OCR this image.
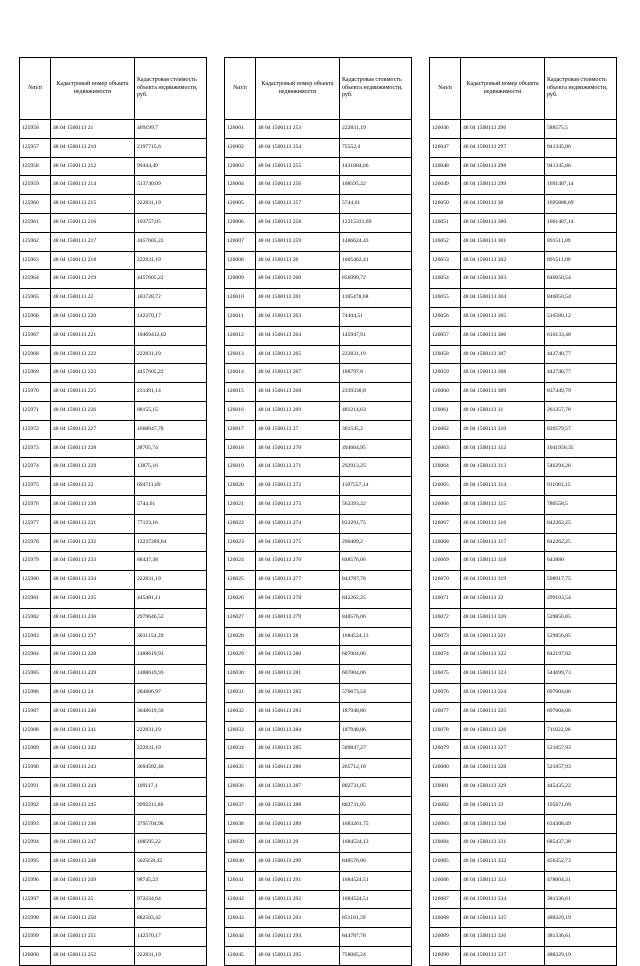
№п/п	Кадастровый номер объекта недвижимости	Кадастровая стоимость объекта недвижимости, руб.
125956	48 04 1500113 21	469199,7
125957	48 04 1500113 210	2197715,6
125958	48 04 1500113 212	99444,49
125959	48 04 1500113 214	513740,09
125960	48 04 1500113 215	222831,19
125961	48 04 1500113 216	103757,05
125962	48 04 1500113 217	4457605,22
125963	48 04 1500113 218	222831,19
125964	48 04 1500113 219	4457605,22
125965	48 04 1500113 22	183728,72
125966	48 04 1500113 220	142370,17
125967	48 04 1500113 221	10469412,02
125968	48 04 1500113 222	222831,19
125969	48 04 1500113 223	4457605,22
125970	48 04 1500113 225	231491,14
125971	48 04 1500113 226	88155,15
125972	48 04 1500113 227	1668647,78
125973	48 04 1500113 228	28705,74
125974	48 04 1500113 229	13875,16
125975	48 04 1500113 23	694711,89
125976	48 04 1500113 230	5744,61
125977	48 04 1500113 231	77123,16
125978	48 04 1500113 232	12237289,64
125979	48 04 1500113 233	88447,38
125980	48 04 1500113 234	222831,19
125981	48 04 1500113 235	445481,11
125982	48 04 1500113 236	2979646,52
125983	48 04 1500113 237	3031154,39
125984	48 04 1500113 238	1488619,93
125985	48 04 1500113 239	1488619,93
125986	48 04 1500113 24	284806,97
125987	48 04 1500113 240	3048619,56
125988	48 04 1500113 241	222831,19
125989	48 04 1500113 242	222831,19
125990	48 04 1500113 243	3694582,46
125991	48 04 1500113 244	109117,1
125992	48 04 1500113 245	3992211,86
125993	48 04 1500113 246	3795704,96
125994	48 04 1500113 247	108595,22
125995	48 04 1500113 248	5025G8,42
125996	48 04 1500113 249	98745,23
125997	48 04 1500113 25	972334,64
125998	48 04 1500113 250	882503,42
125999	48 04 1500113 251	142370,17
126000	48 04 1500113 252	222831,19
№п/п	Кадастровый номер объекта недвижимости	Кадастровая стоимость объекта недвижимости, руб.
126001	48 04 1500113 253	222831,19
126002	48 04 1500113 254	75552,4
126003	48 04 1500113 255	1431804,66
126004	48 04 1500113 256	108595,22
126005	48 04 1500113 257	5744,61
126006	48 04 1500113 258	12215331,69
126007	48 04 1500113 259	1486624,43
126008	48 04 1500113 26	1605462,41
126009	48 04 1500113 260	856999,72
126010	48 04 1500113 261	1185478,68
126011	48 04 1500113 263	74404,51
126012	48 04 1500113 264	145947,91
126013	48 04 1500113 265	222831,19
126014	48 04 1500113 267	108797,8
126015	48 04 1500113 268	2339338,8
126016	48 04 1500113 269	481214,63
126017	48 04 1500113 27	301545,2
126018	48 04 1500113 270	494604,95
126019	48 04 1500113 271	292913,25
126020	48 04 1500113 272	1107557,14
126021	48 04 1500113 273	562393,22
126022	48 04 1500113 274	832291,75
126023	48 04 1500113 275	290489,2
126024	48 04 1500113 276	848576,06
126025	48 04 1500113 277	844787,78
126026	48 04 1500113 278	842262,25
126027	48 04 1500113 279	848576,06
126028	48 04 1500113 28	1684524,13
126029	48 04 1500113 280	607004,06
126030	48 04 1500113 281	607004,06
126031	48 04 1500113 282	576673,54
126032	48 04 1500113 283	187948,86
126033	48 04 1500113 284	187948,86
126034	48 04 1500113 285	589847,27
126035	48 04 1500113 286	265712,18
126036	48 04 1500113 287	802731,05
126037	48 04 1500113 288	802731,05
126038	48 04 1500113 289	1683261,75
126039	48 04 1500113 29	1684524,13
126040	48 04 1500113 290	848576,06
126041	48 04 1500113 291	1684524,51
126042	48 04 1500113 292	1684524,51
126043	48 04 1500113 293	851101,59
126044	48 04 1500113 294	844787,78
126045	48 04 1500113 295	758085,24
№п/п	Кадастровый номер объекта недвижимости	Кадастровая стоимость объекта недвижимости, руб.
126046	48 04 1500113 296	588575,5
126047	48 04 1500113 297	941345,86
126048	48 04 1500113 298	941345,86
126049	48 04 1500113 299	1691487,14
126050	48 04 1500113 30	1695888,69
126051	48 04 1500113 300	1061487,14
126052	48 04 1500113 301	891511,09
126053	48 04 1500113 302	891511,09
126054	48 04 1500113 303	846050,54
126055	48 04 1500113 304	846050,54
126056	48 04 1500113 305	516580,12
126057	48 04 1500113 306	610133,48
126058	48 04 1500113 307	442740,77
126059	48 04 1500113 308	442740,77
126060	48 04 1500113 309	837449,79
126061	48 04 1500113 31	261257,78
126062	48 04 1500113 310	820579,57
126063	48 04 1500113 312	1041956,35
126064	48 04 1500113 313	546294,26
126065	48 04 1500113 314	911083,15
126066	48 04 1500113 315	780558,5
126067	48 04 1500113 316	842262,25
126068	48 04 1500113 317	842262,25
126069	48 04 1500113 318	643880
126070	48 04 1500113 319	598917,75
126071	48 04 1500113 32	299103,54
126072	48 04 1500113 320	529856,85
126073	48 04 1500113 321	529856,85
126074	48 04 1500113 322	842197,82
126075	48 04 1500113 323	544699,73
126076	48 04 1500113 324	697004,06
126077	48 04 1500113 325	697004,06
126078	48 04 1500113 326	711822,96
126079	48 04 1500113 327	521857,93
126080	48 04 1500113 328	521857,93
126081	48 04 1500113 329	445435,22
126082	48 04 1500113 33	195671,09
126083	48 04 1500113 330	634308,49
126084	48 04 1500113 331	685437,38
126085	48 04 1500113 332	456352,73
126086	48 04 1500113 333	478004,31
126087	48 04 1500113 334	381336,61
126088	48 04 1500113 335	480329,19
126089	48 04 1500113 336	381336,61
126090	48 04 1500113 337	480329,19
